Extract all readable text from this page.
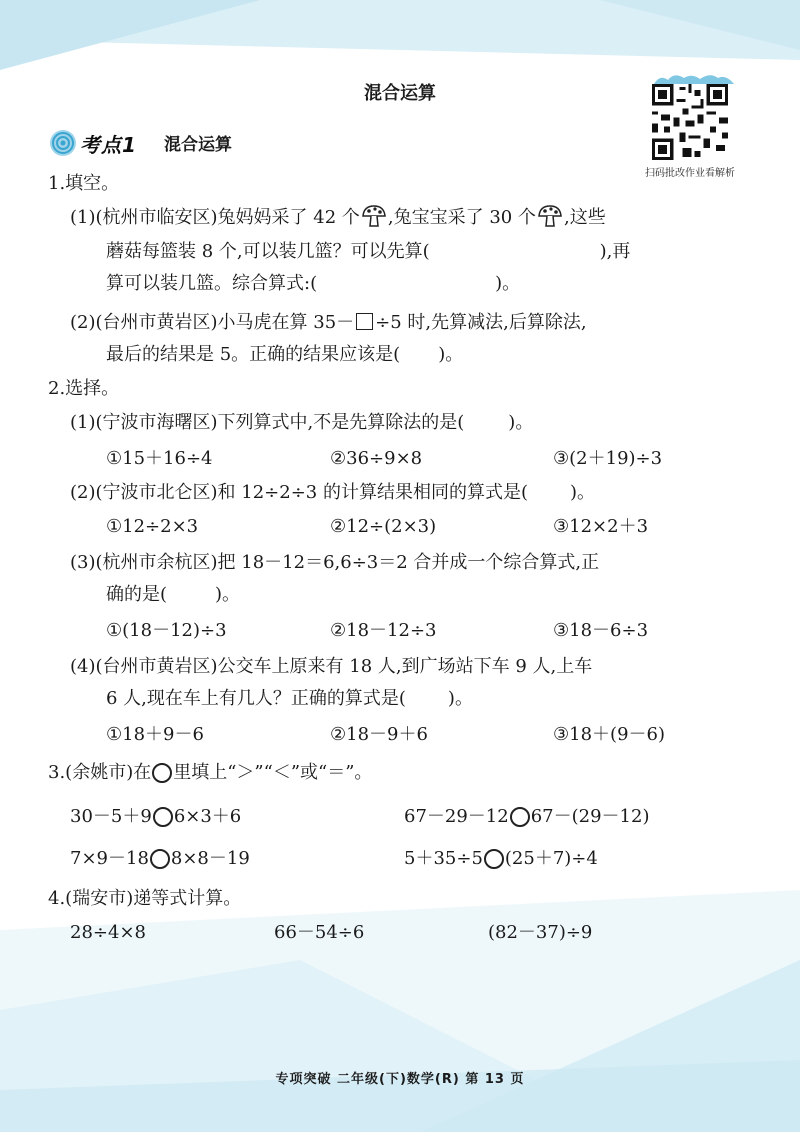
混合运算
扫码批改作业看解析
考点1 混合运算
1.填空。
(1)(杭州市临安区)兔妈妈采了 42 个 ,兔宝宝采了 30 个 ,这些
蘑菇每篮装 8 个,可以装几篮？可以先算(	),再
算可以装几篮。综合算式:(	)。
(2)(台州市黄岩区)小马虎在算 35－ ÷5 时,先算减法,后算除法,
最后的结果是 5。正确的结果应该是( )。
2.选择。
(1)(宁波市海曙区)下列算式中,不是先算除法的是( )。
①15＋16÷4	②36÷9×8	③(2＋19)÷3
(2)(宁波市北仑区)和 12÷2÷3 的计算结果相同的算式是( )。
①12÷2×3	②12÷(2×3)	③12×2＋3
(3)(杭州市余杭区)把 18－12＝6,6÷3＝2 合并成一个综合算式,正
确的是(	)。
①(18－12)÷3	②18－12÷3	③18－6÷3
(4)(台州市黄岩区)公交车上原来有 18 人,到广场站下车 9 人,上车
6 人,现在车上有几人？正确的算式是( )。
①18＋9－6	②18－9＋6	③18＋(9－6)
3.(余姚市)在 里填上“＞”“＜”或“＝”。
30－5＋9 6×3＋6	67－29－12 67－(29－12)
7×9－18 8×8－19	5＋35÷5 (25＋7)÷4
4.(瑞安市)递等式计算。
28÷4×8	66－54÷6	(82－37)÷9
专项突破 二年级(下)数学(R) 第 13 页
